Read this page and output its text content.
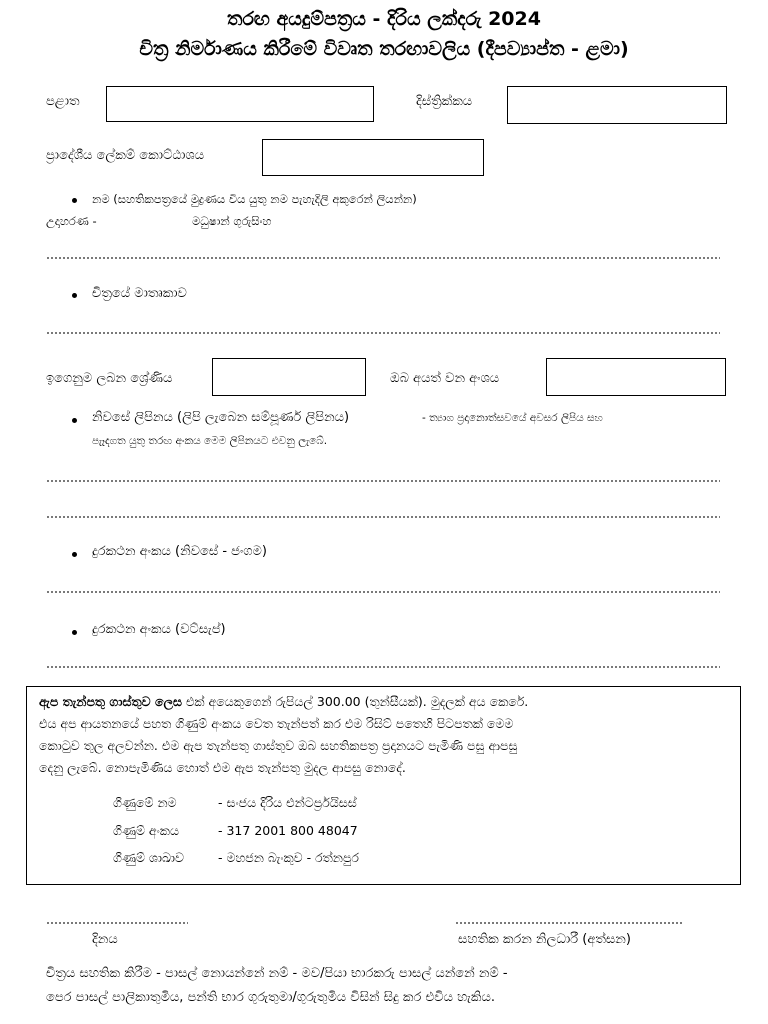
තරඟ අයදුම්පත්‍රය - දිරිය ලක්දරු 2024
චිත්‍ර නිර්මාණය කිරීමේ විවෘත තරඟාවලිය (දීපව්‍යාප්ත - ළමා)
පළාත	දිස්ත්‍රික්කය
ප්‍රාදේශීය ලේකම් කොට්ඨාශය
නම (සහතිකපත්‍රයේ මුද්‍රණය විය යුතු නම පැහැදිලි අකුරෙන් ලියන්න)
උදාහරණ -	මධුෂාන් ගුරුසිංහ
චිත්‍රයේ මාතෘකාව
ඉගෙනුම ලබන ශ්‍රේණිය	ඔබ අයත් වන අංශය
නිවසේ ලිපිනය (ලිපි ලැබෙන සම්පූර්ණ ලිපිනය)	- ත්‍යාග ප්‍රදානොත්සවයේ අවසර ලිපිය සහ
පැෑදගත යුතු තරඟ අංකය මෙම ලිපිනයට එවනු ලැබේ.
දුරකථන අංකය (නිවසේ - ජංගම)
දුරකථන අංකය (වට්සැප්)
ඇප තැන්පතු ගාස්තුව ලෙස එක් අයෙකුගෙන් රුපියල් 300.00 (තුන්සීයක්). මුදලක් අය කෙරේ.
එය අප ආයතනයේ පහත ගිණුම් අංකය වෙත තැන්පත් කර එම රිසිට් පතෙහි පිටපතක් මෙම
කොටුව තුල අලවන්න. එම ඇප තැන්පතු ගාස්තුව ඔබ සහතිකපත්‍ර ප්‍රදානයට පැමිණි පසු ආපසු
දෙනු ලැබේ. නොපැමිණිය හොත් එම ඇප තැන්පතු මුදල ආපසු නොදේ.
ගිණුමේ නම	- සංජය දිරිය එන්ටර්ප්‍රයිසස්
ගිණුම් අංකය	- 317 2001 800 48047
ගිණුම් ශාඛාව	- මහජන බැංකුව - රත්නපුර
දිනය	සහතික කරන නිලධාරී (අත්සන)
චිත්‍රය සහතික කිරීම - පාසල් නොයන්නේ නම් - මව/පියා භාරකරු පාසල් යන්නේ නම් -
පෙර පාසල් පාලිකාතුමිය, පන්ති භාර ගුරුතුමා/ගුරුතුමිය විසින් සිදු කර එවිය හැකිය.
